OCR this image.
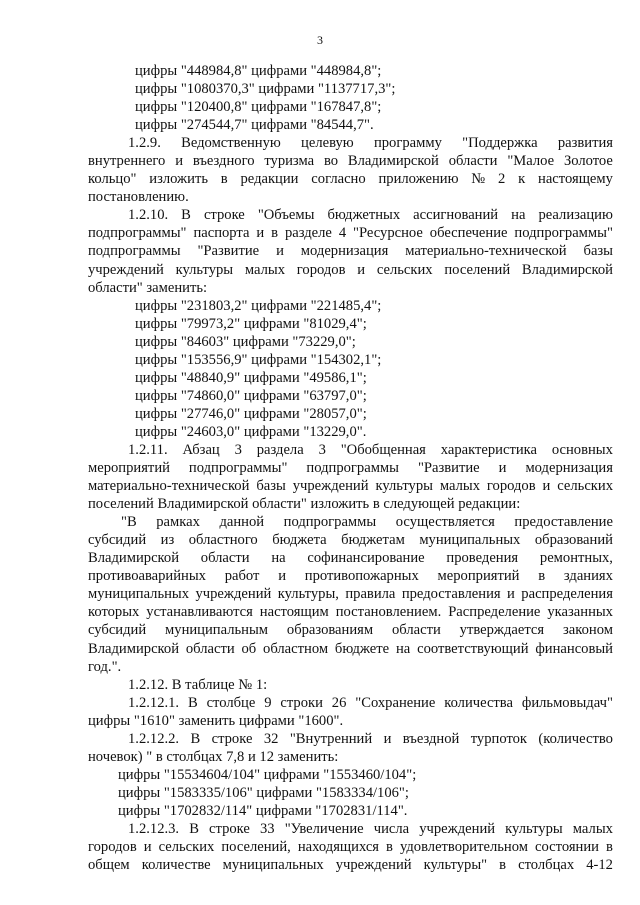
3
цифры "448984,8" цифрами "448984,8";
цифры "1080370,3" цифрами "1137717,3";
цифры "120400,8" цифрами "167847,8";
цифры "274544,7" цифрами "84544,7".
1.2.9. Ведомственную целевую программу "Поддержка развития
внутреннего и въездного туризма во Владимирской области "Малое Золотое
кольцо" изложить в редакции согласно приложению № 2 к настоящему
постановлению.
1.2.10. В строке "Объемы бюджетных ассигнований на реализацию
подпрограммы" паспорта и в разделе 4 "Ресурсное обеспечение подпрограммы"
подпрограммы "Развитие и модернизация материально-технической базы
учреждений культуры малых городов и сельских поселений Владимирской
области" заменить:
цифры "231803,2" цифрами "221485,4";
цифры "79973,2" цифрами "81029,4";
цифры "84603" цифрами "73229,0";
цифры "153556,9" цифрами "154302,1";
цифры "48840,9" цифрами "49586,1";
цифры "74860,0" цифрами "63797,0";
цифры "27746,0" цифрами "28057,0";
цифры "24603,0" цифрами "13229,0".
1.2.11. Абзац 3 раздела 3 "Обобщенная характеристика основных
мероприятий подпрограммы" подпрограммы "Развитие и модернизация
материально-технической базы учреждений культуры малых городов и сельских
поселений Владимирской области" изложить в следующей редакции:
"В рамках данной подпрограммы осуществляется предоставление
субсидий из областного бюджета бюджетам муниципальных образований
Владимирской области на софинансирование проведения ремонтных,
противоаварийных работ и противопожарных мероприятий в зданиях
муниципальных учреждений культуры, правила предоставления и распределения
которых устанавливаются настоящим постановлением. Распределение указанных
субсидий муниципальным образованиям области утверждается законом
Владимирской области об областном бюджете на соответствующий финансовый
год.".
1.2.12. В таблице № 1:
1.2.12.1. В столбце 9 строки 26 "Сохранение количества фильмовыдач"
цифры "1610" заменить цифрами "1600".
1.2.12.2. В строке 32 "Внутренний и въездной турпоток (количество
ночевок) " в столбцах 7,8 и 12 заменить:
цифры "15534604/104" цифрами "1553460/104";
цифры "1583335/106" цифрами "1583334/106";
цифры "1702832/114" цифрами "1702831/114".
1.2.12.3. В строке 33 "Увеличение числа учреждений культуры малых
городов и сельских поселений, находящихся в удовлетворительном состоянии в
общем количестве муниципальных учреждений культуры" в столбцах 4-12
